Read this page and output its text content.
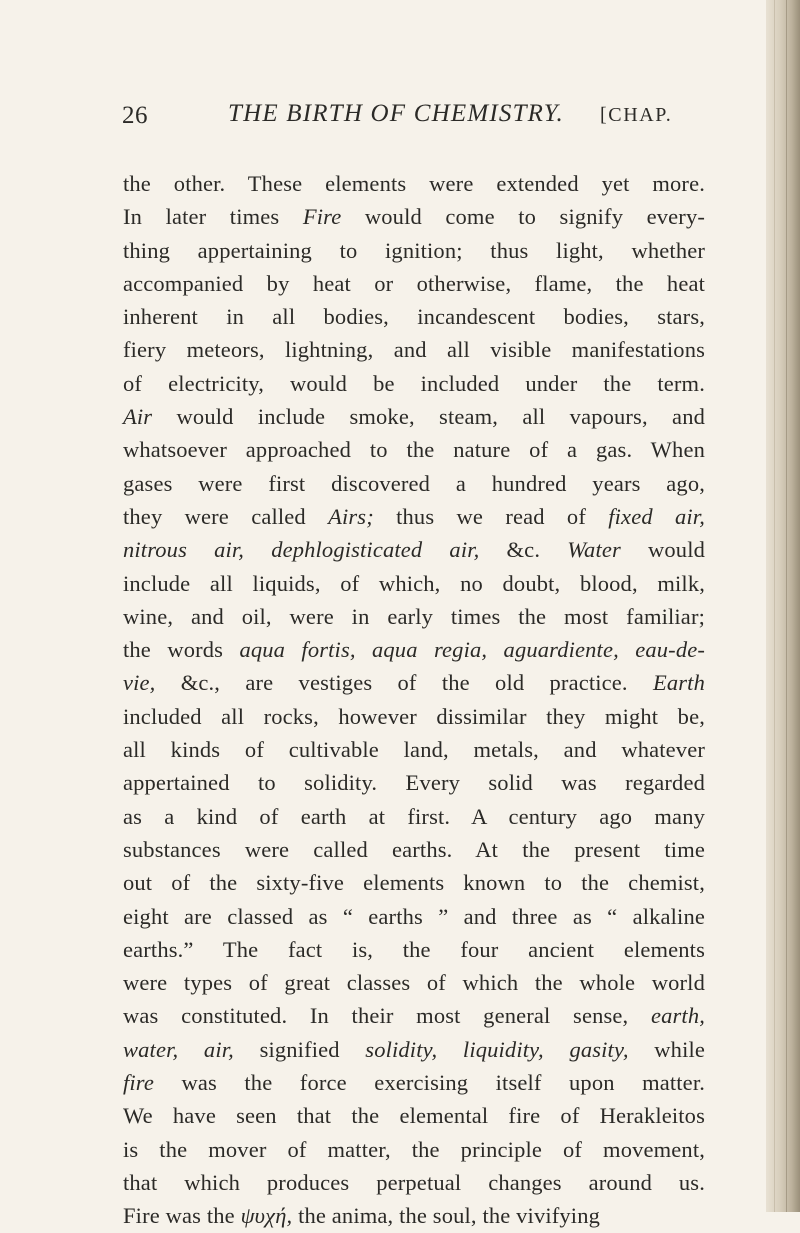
26	THE BIRTH OF CHEMISTRY. [CHAP.
the other. These elements were extended yet more.
In later times Fire would come to signify every-
thing appertaining to ignition; thus light, whether
accompanied by heat or otherwise, flame, the heat
inherent in all bodies, incandescent bodies, stars,
fiery meteors, lightning, and all visible manifestations
of electricity, would be included under the term.
Air would include smoke, steam, all vapours, and
whatsoever approached to the nature of a gas. When
gases were first discovered a hundred years ago,
they were called Airs; thus we read of fixed air,
nitrous air, dephlogisticated air, &c. Water would
include all liquids, of which, no doubt, blood, milk,
wine, and oil, were in early times the most familiar;
the words aqua fortis, aqua regia, aguardiente, eau-de-
vie, &c., are vestiges of the old practice. Earth
included all rocks, however dissimilar they might be,
all kinds of cultivable land, metals, and whatever
appertained to solidity. Every solid was regarded
as a kind of earth at first. A century ago many
substances were called earths. At the present time
out of the sixty-five elements known to the chemist,
eight are classed as “ earths ” and three as “ alkaline
earths.” The fact is, the four ancient elements
were types of great classes of which the whole world
was constituted. In their most general sense, earth,
water, air, signified solidity, liquidity, gasity, while
fire was the force exercising itself upon matter.
We have seen that the elemental fire of Herakleitos
is the mover of matter, the principle of movement,
that which produces perpetual changes around us.
Fire was the ψυχή, the anima, the soul, the vivifying
